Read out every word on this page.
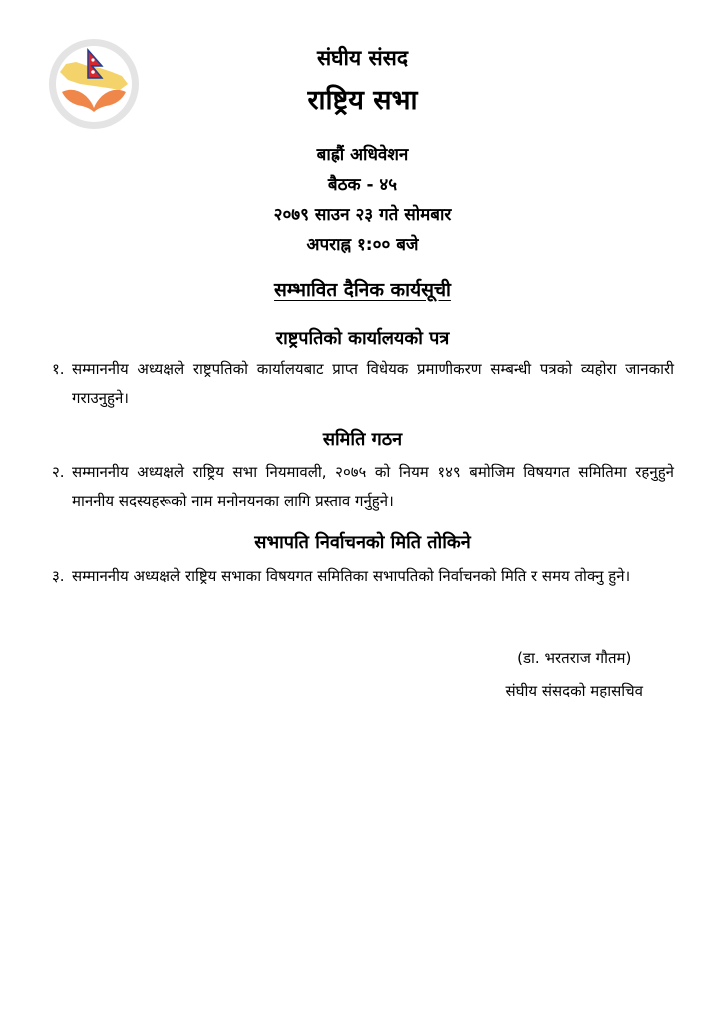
संघीय संसद
राष्ट्रिय सभा
बाह्रौं अधिवेशन
बैठक - ४५
२०७९ साउन २३ गते सोमबार
अपराह्न १:०० बजे
सम्भावित दैनिक कार्यसूची
राष्ट्रपतिको कार्यालयको पत्र
१. सम्माननीय अध्यक्षले राष्ट्रपतिको कार्यालयबाट प्राप्त विधेयक प्रमाणीकरण सम्बन्धी पत्रको व्यहोरा जानकारी गराउनुहुने।
समिति गठन
२. सम्माननीय अध्यक्षले राष्ट्रिय सभा नियमावली, २०७५ को नियम १४९ बमोजिम विषयगत समितिमा रहनुहुने माननीय सदस्यहरूको नाम मनोनयनका लागि प्रस्ताव गर्नुहुने।
सभापति निर्वाचनको मिति तोकिने
३. सम्माननीय अध्यक्षले राष्ट्रिय सभाका विषयगत समितिका सभापतिको निर्वाचनको मिति र समय तोक्नु हुने।
(डा. भरतराज गौतम)
संघीय संसदको महासचिव
